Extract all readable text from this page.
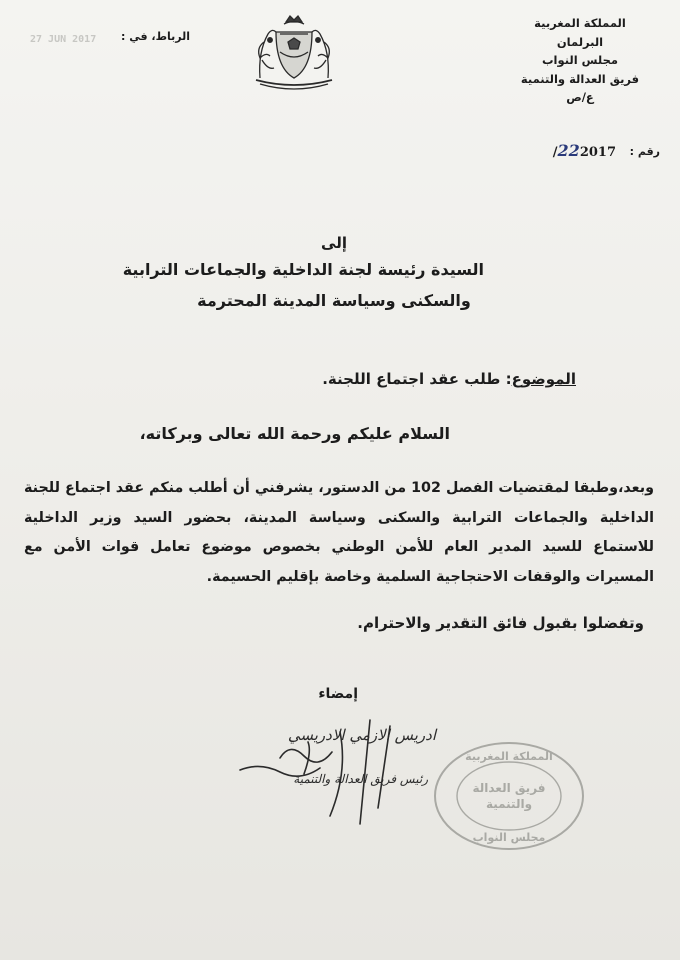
المملكة المغربية
البرلمان
مجلس النواب
فريق العدالة والتنمية
ع/ص
الرباط، في :
27 JUN 2017
رقم :
222017/
إلى
السيدة رئيسة لجنة الداخلية والجماعات الترابية
والسكنى وسياسة المدينة المحترمة
الموضوع: طلب عقد اجتماع اللجنة.
السلام عليكم ورحمة الله تعالى وبركاته،

وبعد،وطبقا لمقتضيات الفصل 102 من الدستور، يشرفني أن أطلب منكم عقد اجتماع للجنة الداخلية والجماعات الترابية والسكنى وسياسة المدينة، بحضور السيد وزير الداخلية للاستماع للسيد المدير العام للأمن الوطني بخصوص موضوع تعامل قوات الأمن مع المسيرات والوقفات الاحتجاجية السلمية وخاصة بإقليم الحسيمة.

وتفضلوا بقبول فائق التقدير والاحترام.
إمضاء
ادريس الازمي الادريسي
رئيس فريق العدالة والتنمية
المملكة المغربية
فريق العدالة
والتنمية
مجلس النواب
